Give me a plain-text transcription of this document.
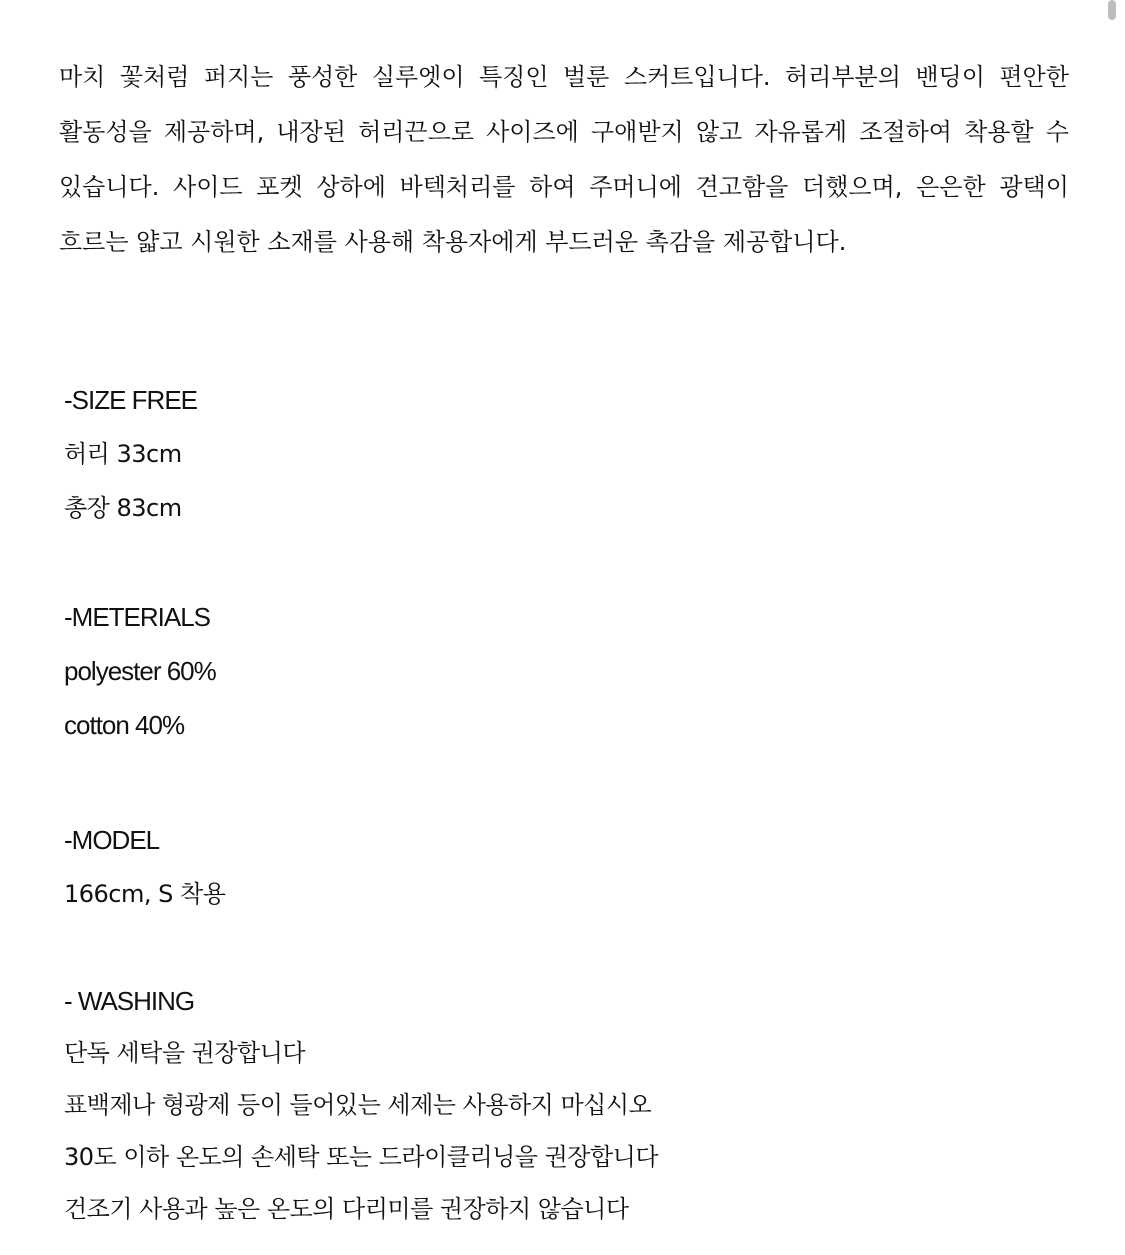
마치 꽃처럼 퍼지는 풍성한 실루엣이 특징인 벌룬 스커트입니다. 허리부분의 밴딩이 편안한
활동성을 제공하며, 내장된 허리끈으로 사이즈에 구애받지 않고 자유롭게 조절하여 착용할 수
있습니다. 사이드 포켓 상하에 바텍처리를 하여 주머니에 견고함을 더했으며, 은은한 광택이
흐르는 얇고 시원한 소재를 사용해 착용자에게 부드러운 촉감을 제공합니다.
-SIZE FREE
허리 33cm
총장 83cm
-METERIALS
polyester 60%
cotton 40%
-MODEL
166cm, S 착용
- WASHING
단독 세탁을 권장합니다
표백제나 형광제 등이 들어있는 세제는 사용하지 마십시오
30도 이하 온도의 손세탁 또는 드라이클리닝을 권장합니다
건조기 사용과 높은 온도의 다리미를 권장하지 않습니다
